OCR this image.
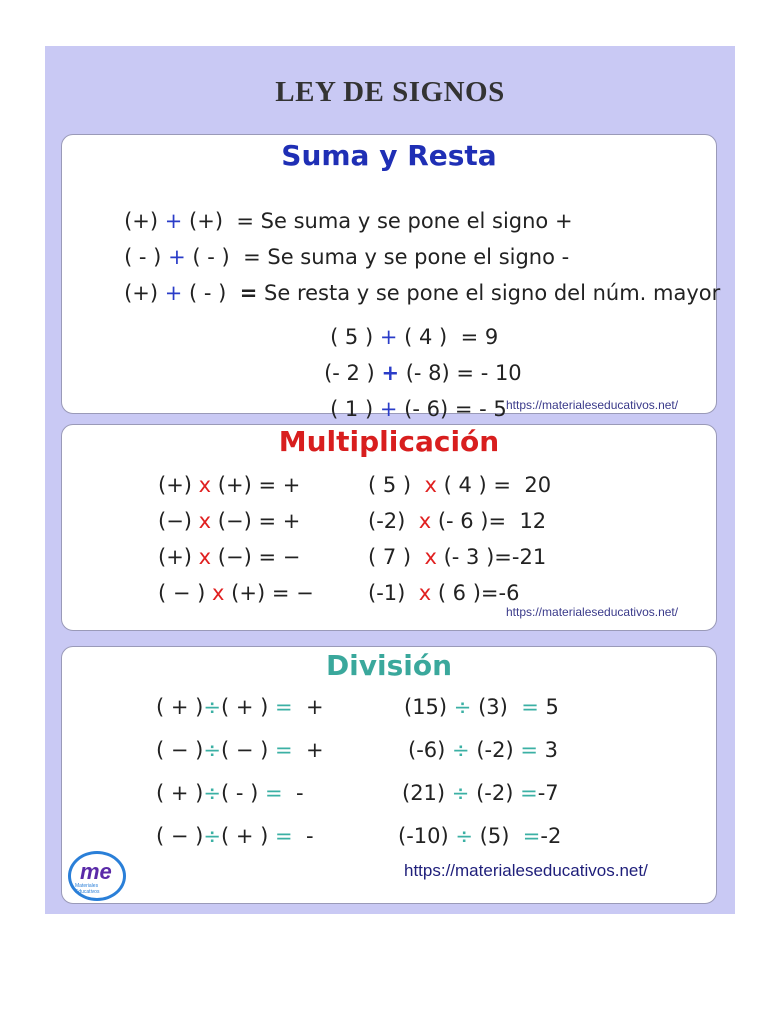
LEY DE SIGNOS
Suma y Resta

(+) + (+) = Se suma y se pone el signo +

( - ) + ( - ) = Se suma y se pone el signo -

(+) + ( - ) = Se resta y se pone el signo del núm. mayor

( 5 ) + ( 4 ) = 9

(- 2 ) + (- 8) = - 10

( 1 ) + (- 6) = - 5
https://materialeseducativos.net/
Multiplicación
(+) x (+) = +
(−) x (−) = +
(+) x (−) = −
( − ) x (+) = −
( 5 ) x ( 4 ) =  20
(-2) x (- 6 )=  12
( 7 ) x (- 3 )=-21
(-1) x ( 6 )=-6
https://materialeseducativos.net/
División
( + )÷( + ) = +
( − )÷( − ) = +
( + )÷( - ) = -
( − )÷( + ) = -
(15) ÷ (3) = 5
(-6) ÷ (-2) = 3
(21) ÷ (-2) =-7
(-10) ÷ (5) =-2
me
Materiales Educativos
https://materialeseducativos.net/
